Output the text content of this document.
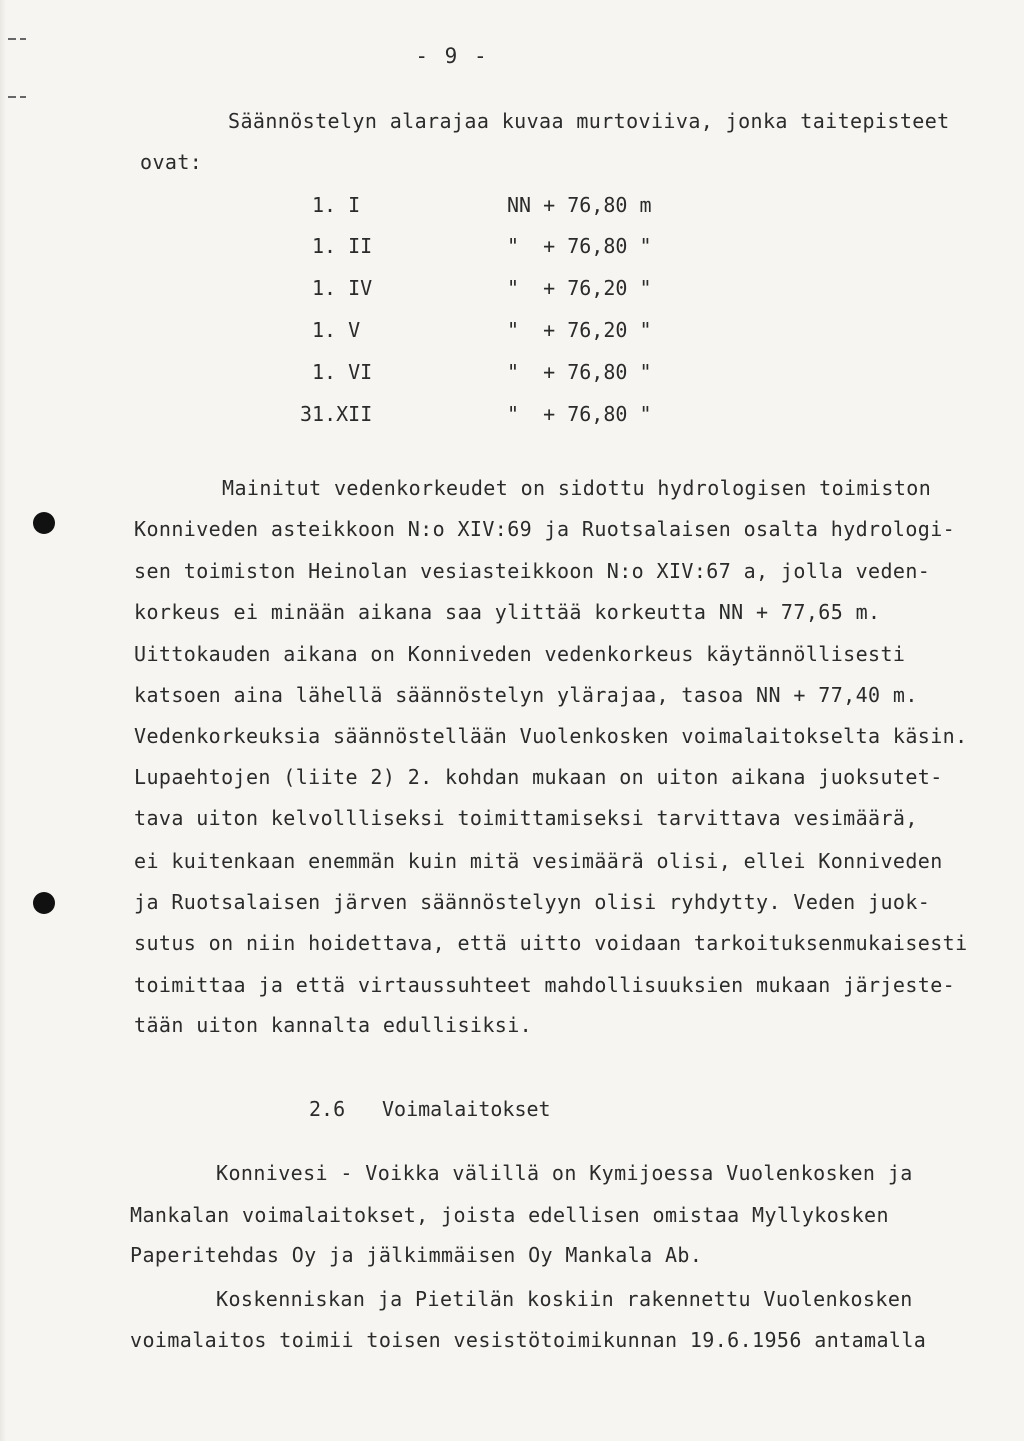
- 9 -
Säännöstelyn alarajaa kuvaa murtoviiva, jonka taitepisteet
ovat:
1. I	NN + 76,80 m
1. II	"  + 76,80 "
1. IV	"  + 76,20 "
1. V	"  + 76,20 "
1. VI	"  + 76,80 "
31.XII	"  + 76,80 "
Mainitut vedenkorkeudet on sidottu hydrologisen toimiston
Konniveden asteikkoon N:o XIV:69 ja Ruotsalaisen osalta hydrologi-
sen toimiston Heinolan vesiasteikkoon N:o XIV:67 a, jolla veden-
korkeus ei minään aikana saa ylittää korkeutta NN + 77,65 m.
Uittokauden aikana on Konniveden vedenkorkeus käytännöllisesti
katsoen aina lähellä säännöstelyn ylärajaa, tasoa NN + 77,40 m.
Vedenkorkeuksia säännöstellään Vuolenkosken voimalaitokselta käsin.
Lupaehtojen (liite 2) 2. kohdan mukaan on uiton aikana juoksutet-
tava uiton kelvollliseksi toimittamiseksi tarvittava vesimäärä,
ei kuitenkaan enemmän kuin mitä vesimäärä olisi, ellei Konniveden
ja Ruotsalaisen järven säännöstelyyn olisi ryhdytty. Veden juok-
sutus on niin hoidettava, että uitto voidaan tarkoituksenmukaisesti
toimittaa ja että virtaussuhteet mahdollisuuksien mukaan järjeste-
tään uiton kannalta edullisiksi.
2.6 Voimalaitokset
Konnivesi - Voikka välillä on Kymijoessa Vuolenkosken ja
Mankalan voimalaitokset, joista edellisen omistaa Myllykosken
Paperitehdas Oy ja jälkimmäisen Oy Mankala Ab.
Koskenniskan ja Pietilän koskiin rakennettu Vuolenkosken
voimalaitos toimii toisen vesistötoimikunnan 19.6.1956 antamalla
